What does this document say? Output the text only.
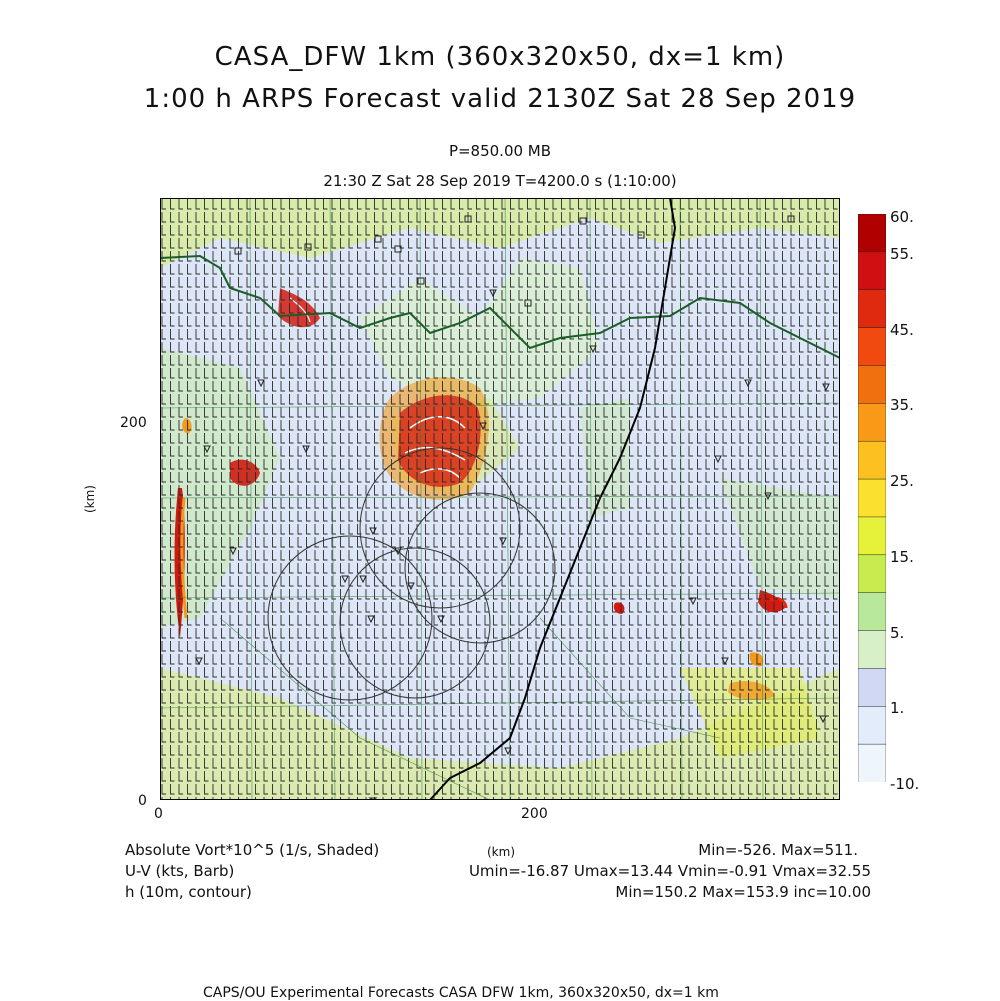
CASA_DFW 1km (360x320x50, dx=1 km)
1:00 h ARPS Forecast valid 2130Z Sat 28 Sep 2019
P=850.00 MB
21:30 Z Sat 28 Sep 2019 T=4200.0 s (1:10:00)
200
0
0	200
(km)
(km)
60.
55.
45.
35.
25.
15.
5.
1.
-10.
Absolute Vort*10^5 (1/s, Shaded)
U-V (kts, Barb)
h (10m, contour)
Min=-526. Max=511.
Umin=-16.87 Umax=13.44 Vmin=-0.91 Vmax=32.55
Min=150.2 Max=153.9 inc=10.00
CAPS/OU Experimental Forecasts CASA DFW 1km, 360x320x50, dx=1 km
